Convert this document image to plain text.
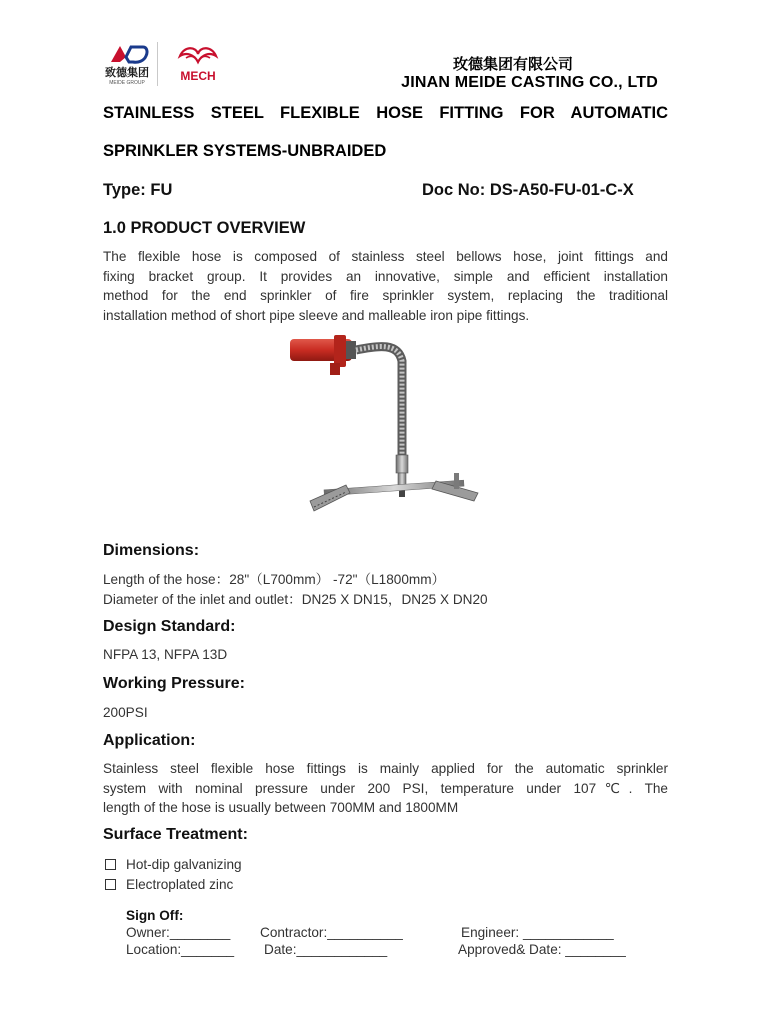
致德集团
MEIDE GROUP	MECH
玫德集团有限公司
JINAN MEIDE CASTING CO., LTD
STAINLESS STEEL FLEXIBLE HOSE FITTING FOR AUTOMATIC
SPRINKLER SYSTEMS-UNBRAIDED
Type: FU	Doc No: DS-A50-FU-01-C-X
1.0 PRODUCT OVERVIEW
The flexible hose is composed of stainless steel bellows hose, joint fittings and
fixing bracket group. It provides an innovative, simple and efficient installation
method for the end sprinkler of fire sprinkler system, replacing the traditional
installation method of short pipe sleeve and malleable iron pipe fittings.
Dimensions:
Length of the hose：28"（L700mm） -72"（L1800mm）
Diameter of the inlet and outlet：DN25 X DN15，DN25 X DN20
Design Standard:
NFPA 13, NFPA 13D
Working Pressure:
200PSI
Application:
Stainless steel flexible hose fittings is mainly applied for the automatic sprinkler
system with nominal pressure under 200 PSI, temperature under 107℃. The
length of the hose is usually between 700MM and 1800MM
Surface Treatment:
Hot-dip galvanizing
Electroplated zinc
Sign Off:
Owner:________ Contractor:__________	Engineer: ____________
Location:_______ Date:____________	Approved& Date: ________
